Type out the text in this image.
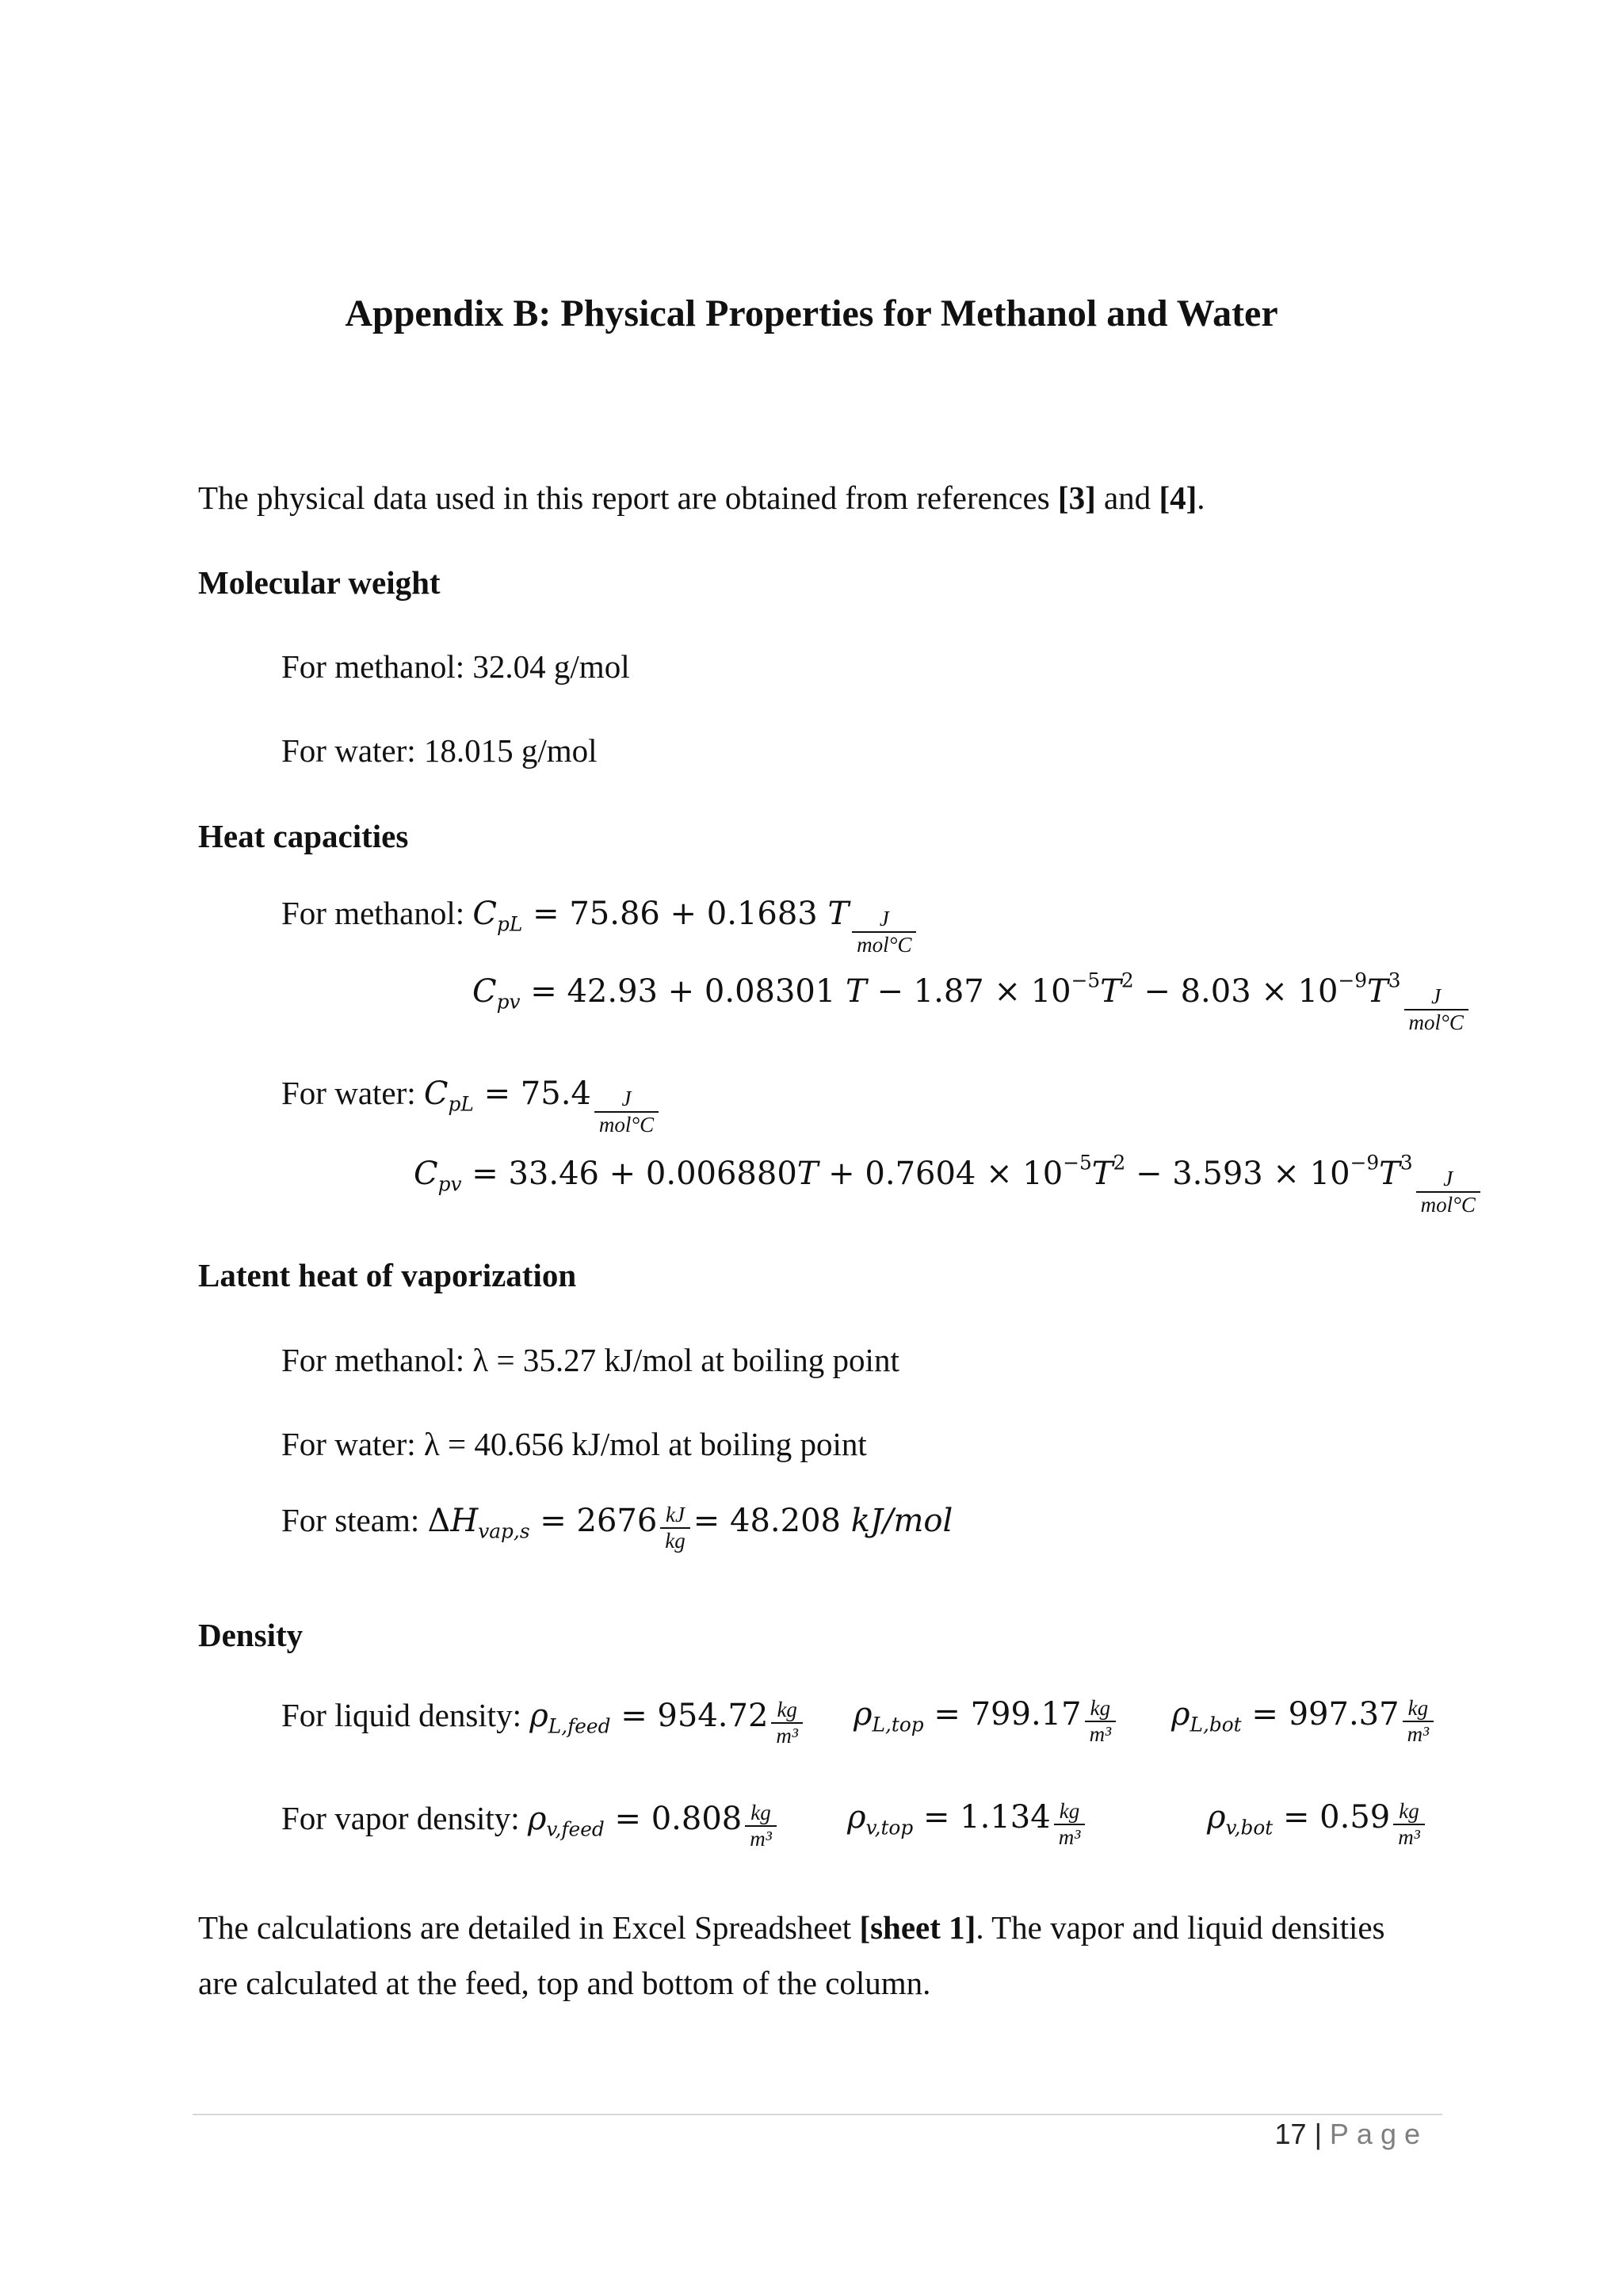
Appendix B: Physical Properties for Methanol and Water
The physical data used in this report are obtained from references [3] and [4].
Molecular weight
For methanol: 32.04 g/mol
For water: 18.015 g/mol
Heat capacities
For methanol: $C_{pL} = 75.86 + 0.1683$ T $\frac{J}{\text{mol°C}}$
$C_{pv} = 42.93 + 0.08301$ $T - 1.87 \times 10^{-5}T^2 - 8.03 \times 10^{-9}T^3$
$\frac{J}{\text{mol°C}}$
For water: $C_{pL} = 75.4 \frac{J}{\text{mol°C}}$
$C_{pv} = 33.46 + 0.006880T + 0.7604 \times 10^{-5}T^2 - 3.593 \times 10^{-9}T^3$
$\frac{J}{\text{mol°C}}$
Latent heat of vaporization
For methanol: λ = 35.27 kJ/mol at boiling point
For water: λ = 40.656 kJ/mol at boiling point
For steam: $\Delta H_{vap,s} = 2676 \frac{kJ}{kg} = 48.208$ kJ/mol
Density
For liquid density: $\rho_{L,feed} = 954.72 \frac{kg}{\text{m³}} \rho_{L,top} = 799.17 \frac{kg}{\text{m³}} \rho_{L,bot} = 997.37 \frac{kg}{\text{m³}}$
For vapor density: $\rho_{v,feed} = 0.808 \frac{kg}{\text{m³}} \rho_{v,top} = 1.134 \frac{kg}{\text{m³}}$	$\rho_{v,bot} = 0.59 \frac{kg}{\text{m³}}$
The calculations are detailed in Excel Spreadsheet [sheet 1]. The vapor and liquid densities
are calculated at the feed, top and bottom of the column.
17 | Page
